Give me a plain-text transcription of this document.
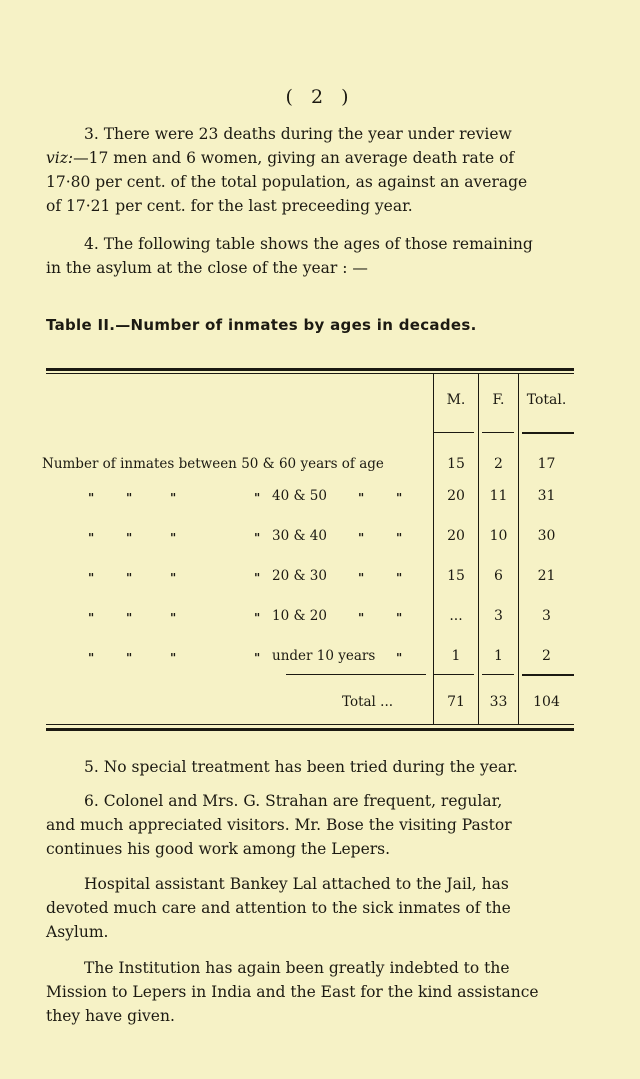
( 2 )
3. There were 23 deaths during the year under review
viz:—17 men and 6 women, giving an average death rate of
17·80 per cent. of the total population, as against an average
of 17·21 per cent. for the last preceeding year.
4. The following table shows the ages of those remaining
in the asylum at the close of the year : —
Table II.—Number of inmates by ages in decades.
M.	F.	Total.
Number of inmates between 50 & 60 years of age	15	2	17
"	"	"	" 40 & 50	"	"	20	11	31
"	"	"	" 30 & 40	"	"	20	10	30
"	"	"	" 20 & 30	"	"	15	6	21
"	"	"	" 10 & 20	"	"	...	3	3
"	"	"	" under 10 years "	1	1	2
Total ...	71	33	104
5. No special treatment has been tried during the year.
6. Colonel and Mrs. G. Strahan are frequent, regular,
and much appreciated visitors. Mr. Bose the visiting Pastor
continues his good work among the Lepers.
Hospital assistant Bankey Lal attached to the Jail, has
devoted much care and attention to the sick inmates of the
Asylum.
The Institution has again been greatly indebted to the
Mission to Lepers in India and the East for the kind assistance
they have given.
